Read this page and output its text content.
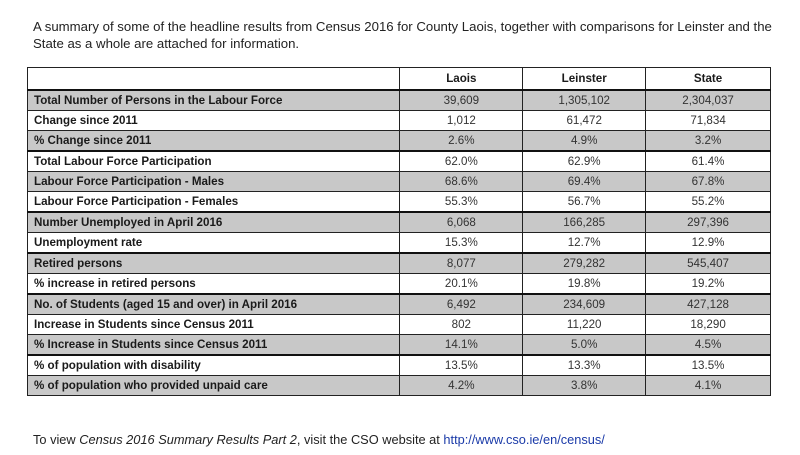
A summary of some of the headline results from Census 2016 for County Laois, together with comparisons for Leinster and the State as a whole are attached for information.
	Laois	Leinster	State
Total Number of Persons in the Labour Force	39,609	1,305,102	2,304,037
Change since 2011	1,012	61,472	71,834
% Change since 2011	2.6%	4.9%	3.2%
Total Labour Force Participation	62.0%	62.9%	61.4%
Labour Force Participation - Males	68.6%	69.4%	67.8%
Labour Force Participation - Females	55.3%	56.7%	55.2%
Number Unemployed in April 2016	6,068	166,285	297,396
Unemployment rate	15.3%	12.7%	12.9%
Retired persons	8,077	279,282	545,407
% increase in retired persons	20.1%	19.8%	19.2%
No. of Students (aged 15 and over) in April 2016	6,492	234,609	427,128
Increase in Students since Census 2011	802	11,220	18,290
% Increase in Students since Census 2011	14.1%	5.0%	4.5%
% of population with disability	13.5%	13.3%	13.5%
% of population who provided unpaid care	4.2%	3.8%	4.1%
To view Census 2016 Summary Results Part 2, visit the CSO website at http://www.cso.ie/en/census/
